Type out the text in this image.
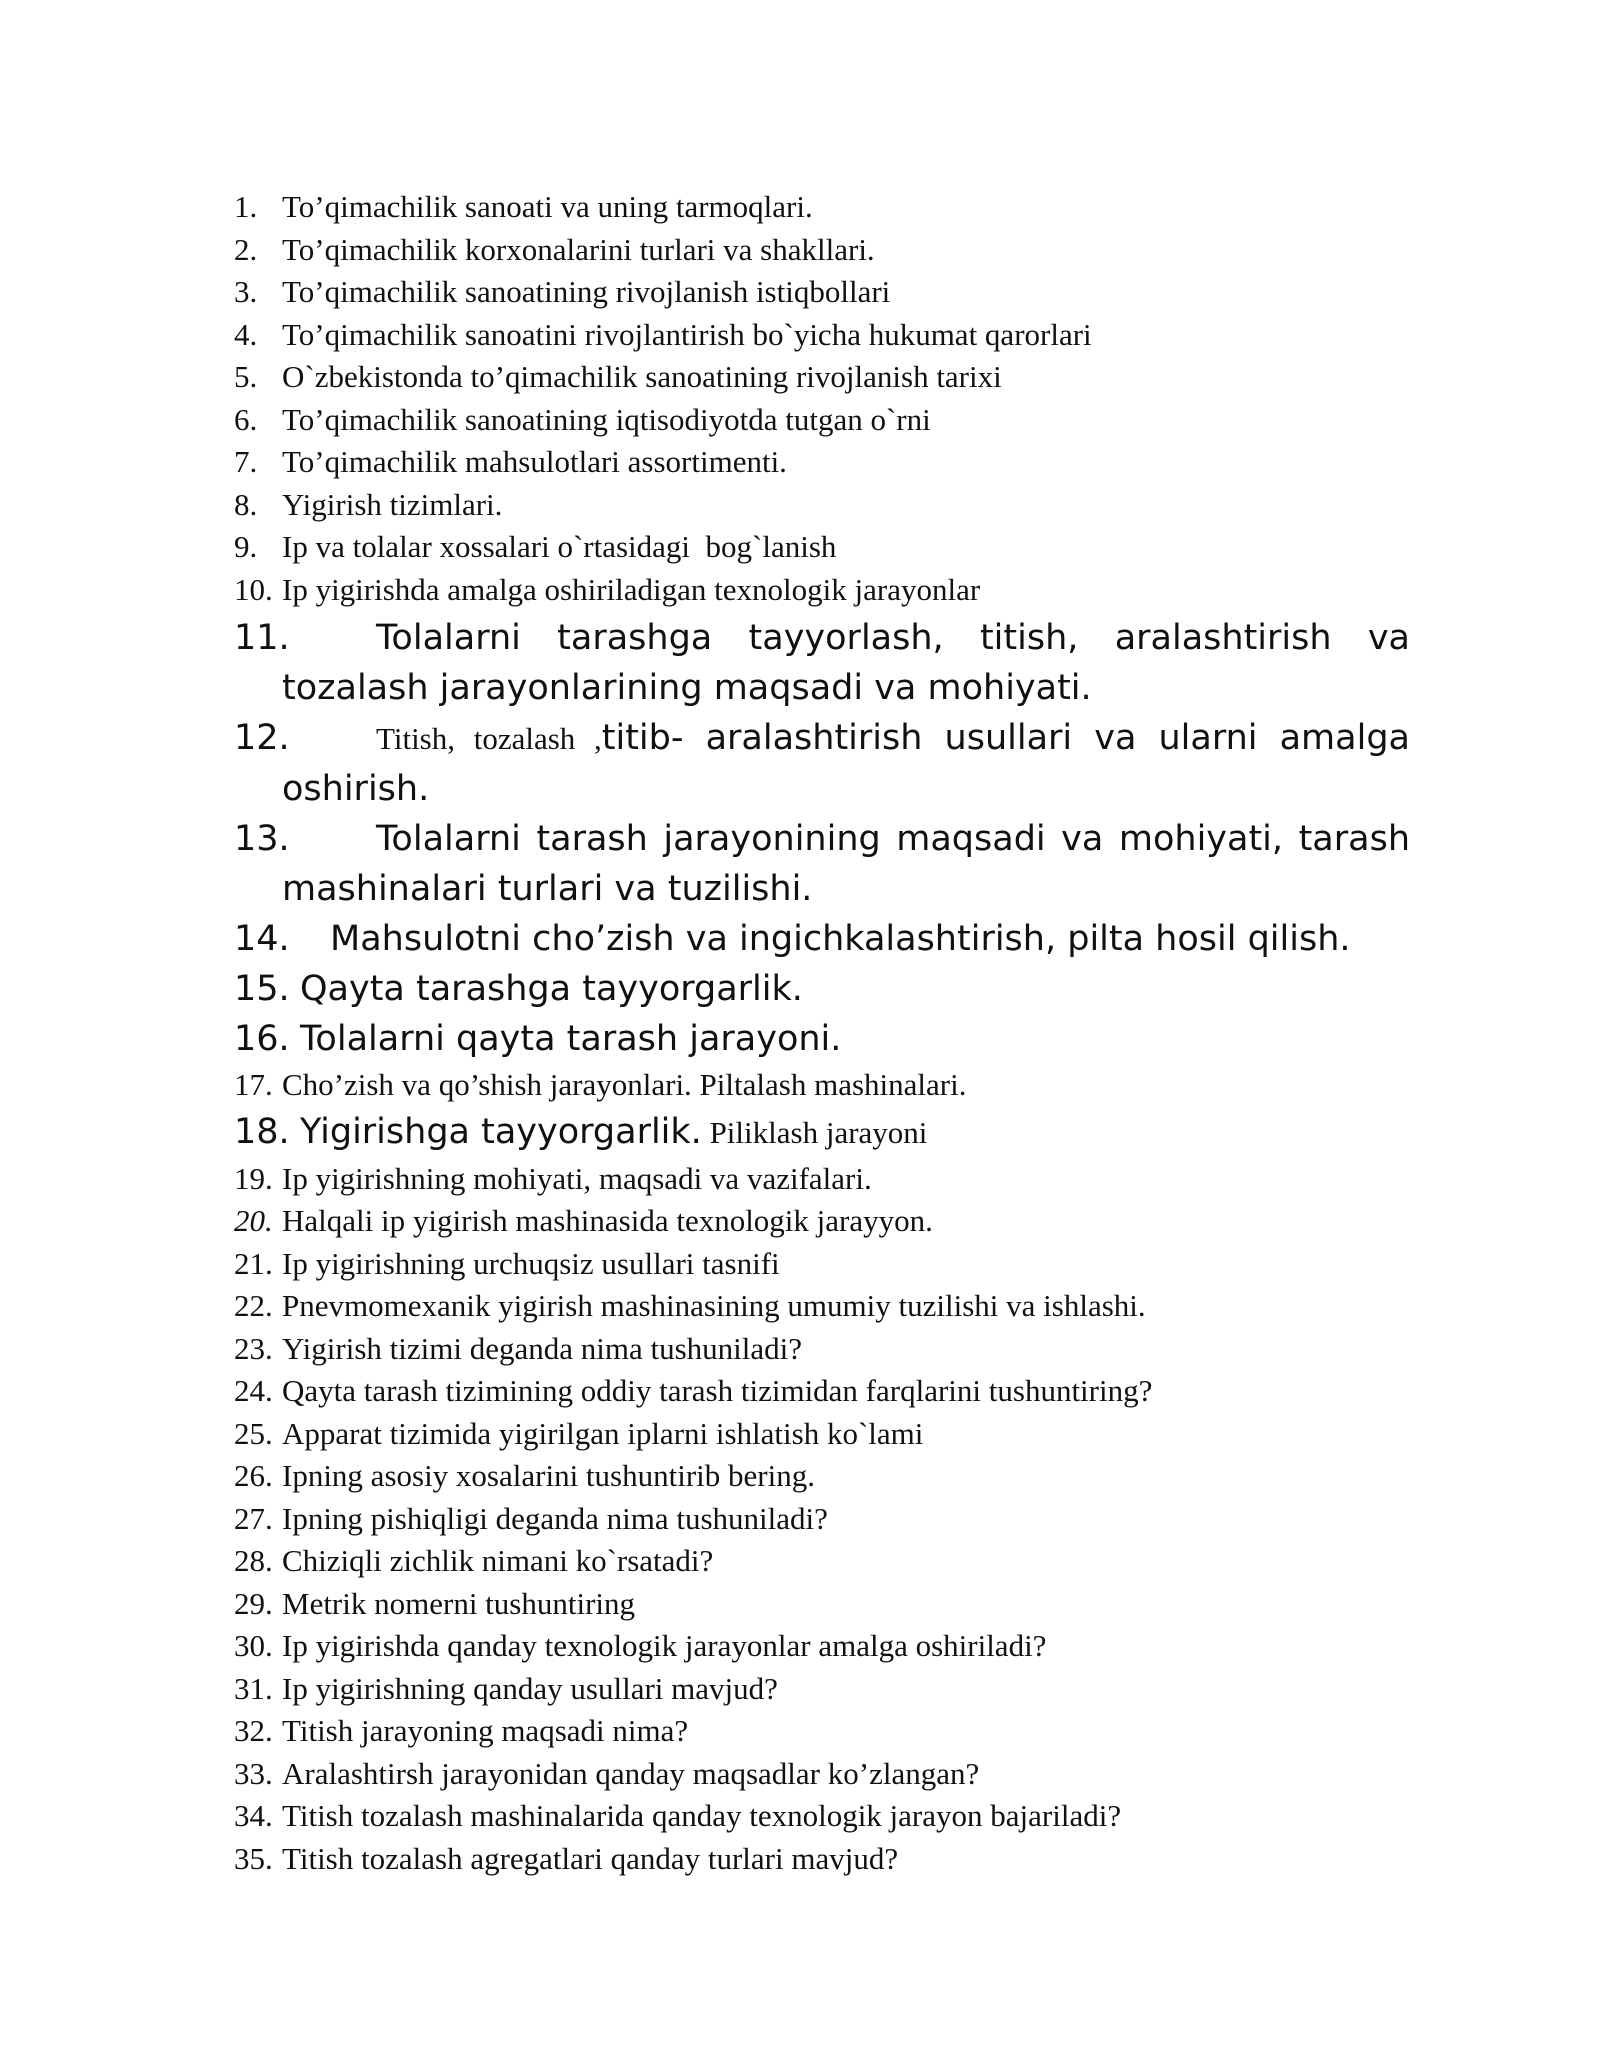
1. To’qimachilik sanoati va uning tarmoqlari.
2. To’qimachilik korxonalarini turlari va shakllari.
3. To’qimachilik sanoatining rivojlanish istiqbollari
4. To’qimachilik sanoatini rivojlantirish bo`yicha hukumat qarorlari
5. O`zbekistonda to’qimachilik sanoatining rivojlanish tarixi
6. To’qimachilik sanoatining iqtisodiyotda tutgan o`rni
7. To’qimachilik mahsulotlari assortimenti.
8. Yigirish tizimlari.
9. Ip va tolalar xossalari o`rtasidagi  bog`lanish
10. Ip yigirishda amalga oshiriladigan texnologik jarayonlar
11. Tolalarni tarashga tayyorlash, titish, aralashtirish va tozalash jarayonlarining maqsadi va mohiyati.
12.	Titish, tozalash ,titib- aralashtirish usullari va ularni amalga oshirish.
13. Tolalarni tarash jarayonining maqsadi va mohiyati, tarash mashinalari turlari va tuzilishi.
14.	Mahsulotni cho’zish va ingichkalashtirish, pilta hosil qilish.
15. Qayta tarashga tayyorgarlik.
16. Tolalarni qayta tarash jarayoni.
17. Cho’zish va qo’shish jarayonlari. Piltalash mashinalari.
18. Yigirishga tayyorgarlik. Piliklash jarayoni
19. Ip yigirishning mohiyati, maqsadi va vazifalari.
20. Halqali ip yigirish mashinasida texnologik jarayyon.
21. Ip yigirishning urchuqsiz usullari tasnifi
22. Pnevmomexanik yigirish mashinasining umumiy tuzilishi va ishlashi.
23. Yigirish tizimi deganda nima tushuniladi?
24. Qayta tarash tizimining oddiy tarash tizimidan farqlarini tushuntiring?
25. Apparat tizimida yigirilgan iplarni ishlatish ko`lami
26. Ipning asosiy xosalarini tushuntirib bering.
27. Ipning pishiqligi deganda nima tushuniladi?
28. Chiziqli zichlik nimani ko`rsatadi?
29. Metrik nomerni tushuntiring
30. Ip yigirishda qanday texnologik jarayonlar amalga oshiriladi?
31. Ip yigirishning qanday usullari mavjud?
32. Titish jarayoning maqsadi nima?
33. Aralashtirsh jarayonidan qanday maqsadlar ko’zlangan?
34. Titish tozalash mashinalarida qanday texnologik jarayon bajariladi?
35. Titish tozalash agregatlari qanday turlari mavjud?
